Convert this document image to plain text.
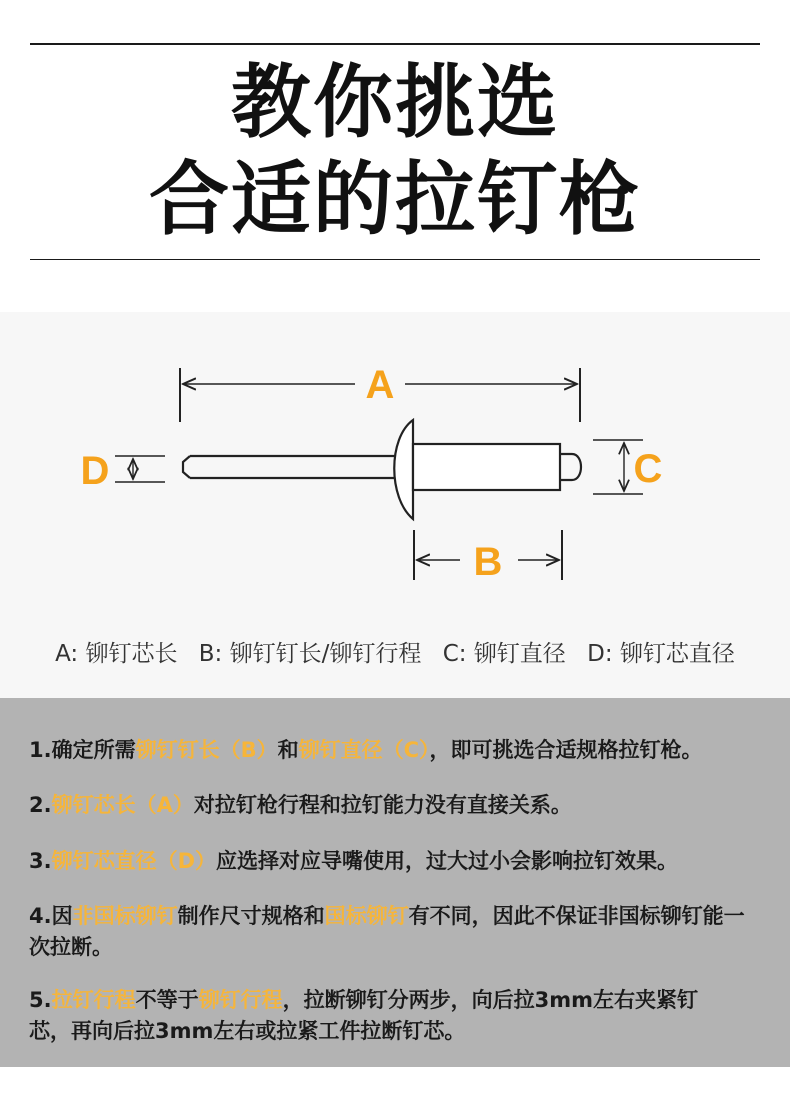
教你挑选
合适的拉钉枪
A
D	C
B
A: 铆钉芯长 B: 铆钉钉长/铆钉行程 C: 铆钉直径 D: 铆钉芯直径
1.确定所需铆钉钉长（B）和铆钉直径（C），即可挑选合适规格拉钉枪。
2.铆钉芯长（A）对拉钉枪行程和拉钉能力没有直接关系。
3.铆钉芯直径（D）应选择对应导嘴使用，过大过小会影响拉钉效果。
4.因非国标铆钉制作尺寸规格和国标铆钉有不同，因此不保证非国标铆钉能一次拉断。
5.拉钉行程不等于铆钉行程，拉断铆钉分两步，向后拉3mm左右夹紧钉芯，再向后拉3mm左右或拉紧工件拉断钉芯。
